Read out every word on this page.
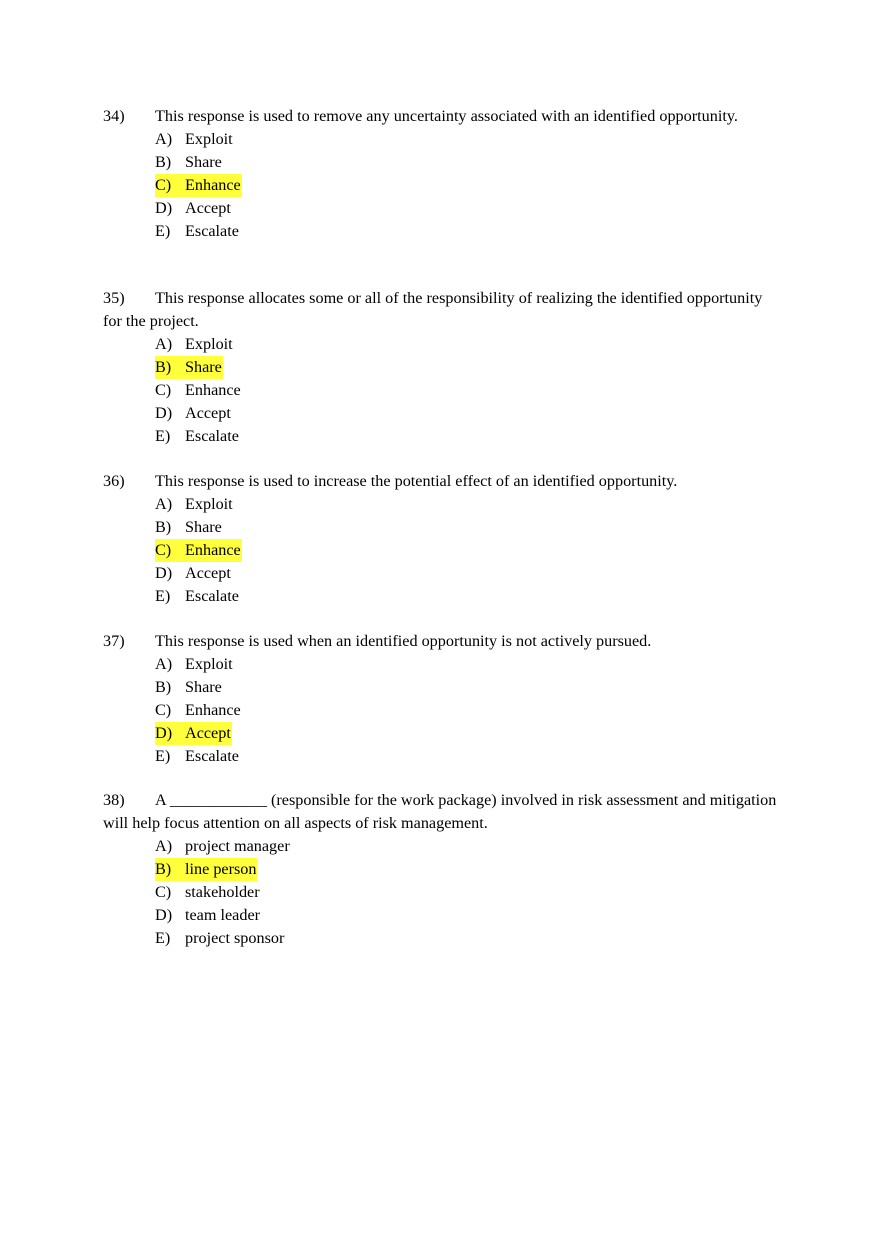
34)	This response is used to remove any uncertainty associated with an identified opportunity.
A) Exploit
B) Share
C) Enhance
D) Accept
E) Escalate
35)	This response allocates some or all of the responsibility of realizing the identified opportunity for the project.
A) Exploit
B) Share
C) Enhance
D) Accept
E) Escalate
36)	This response is used to increase the potential effect of an identified opportunity.
A) Exploit
B) Share
C) Enhance
D) Accept
E) Escalate
37)	This response is used when an identified opportunity is not actively pursued.
A) Exploit
B) Share
C) Enhance
D) Accept
E) Escalate
38)	A ____________ (responsible for the work package) involved in risk assessment and mitigation will help focus attention on all aspects of risk management.
A) project manager
B) line person
C) stakeholder
D) team leader
E) project sponsor
